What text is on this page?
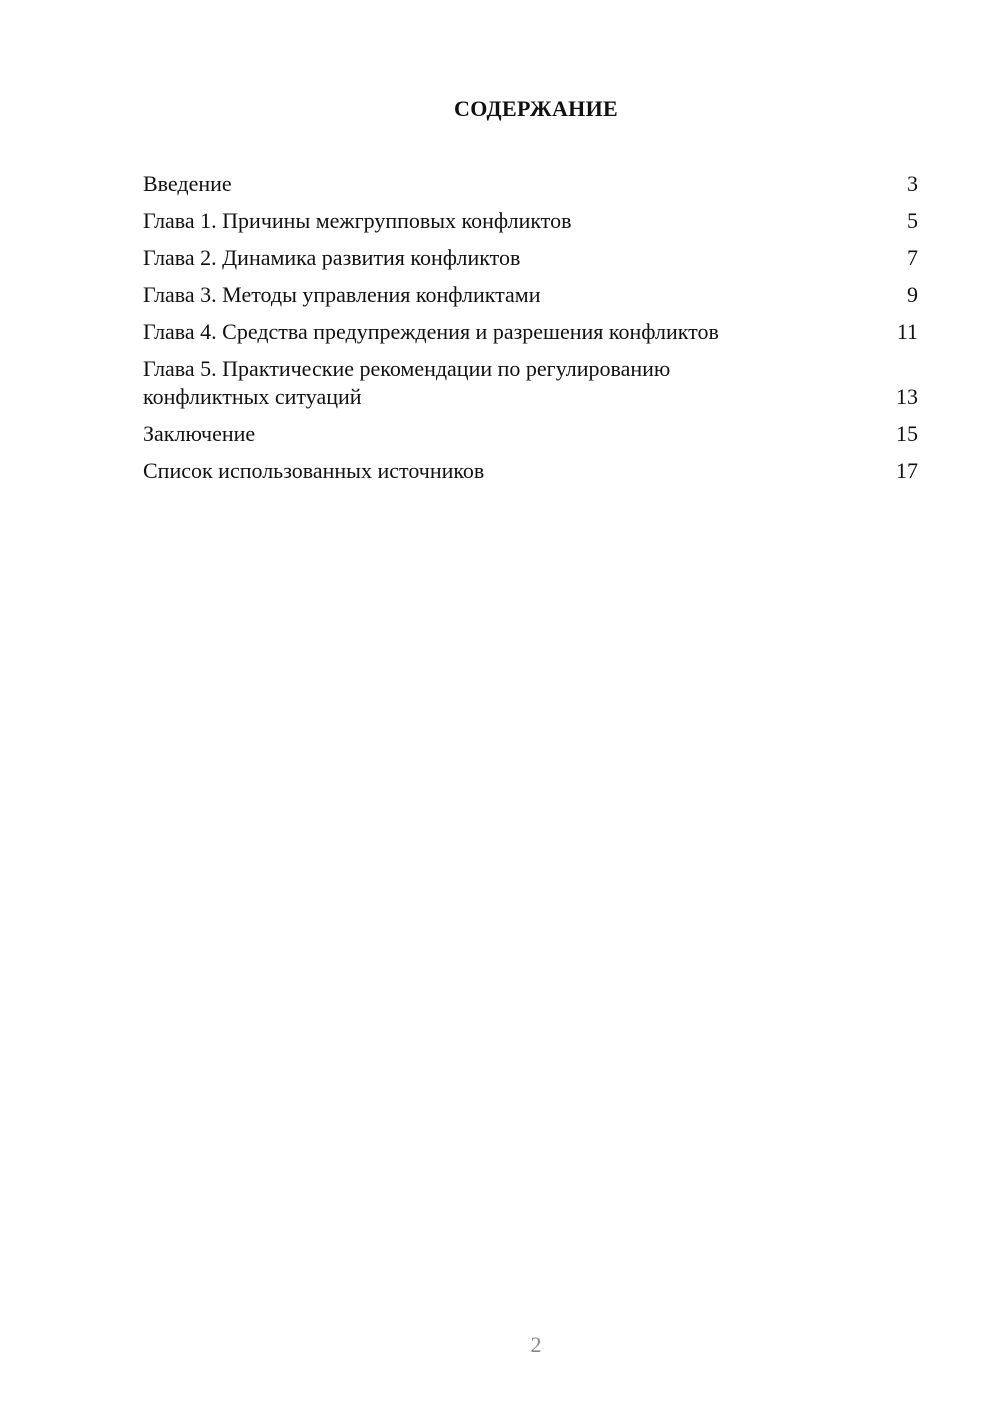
СОДЕРЖАНИЕ
Введение	3
Глава 1. Причины межгрупповых конфликтов	5
Глава 2. Динамика развития конфликтов	7
Глава 3. Методы управления конфликтами	9
Глава 4. Средства предупреждения и разрешения конфликтов	11
Глава 5. Практические рекомендации по регулированию конфликтных ситуаций	13
Заключение	15
Список использованных источников	17
2
